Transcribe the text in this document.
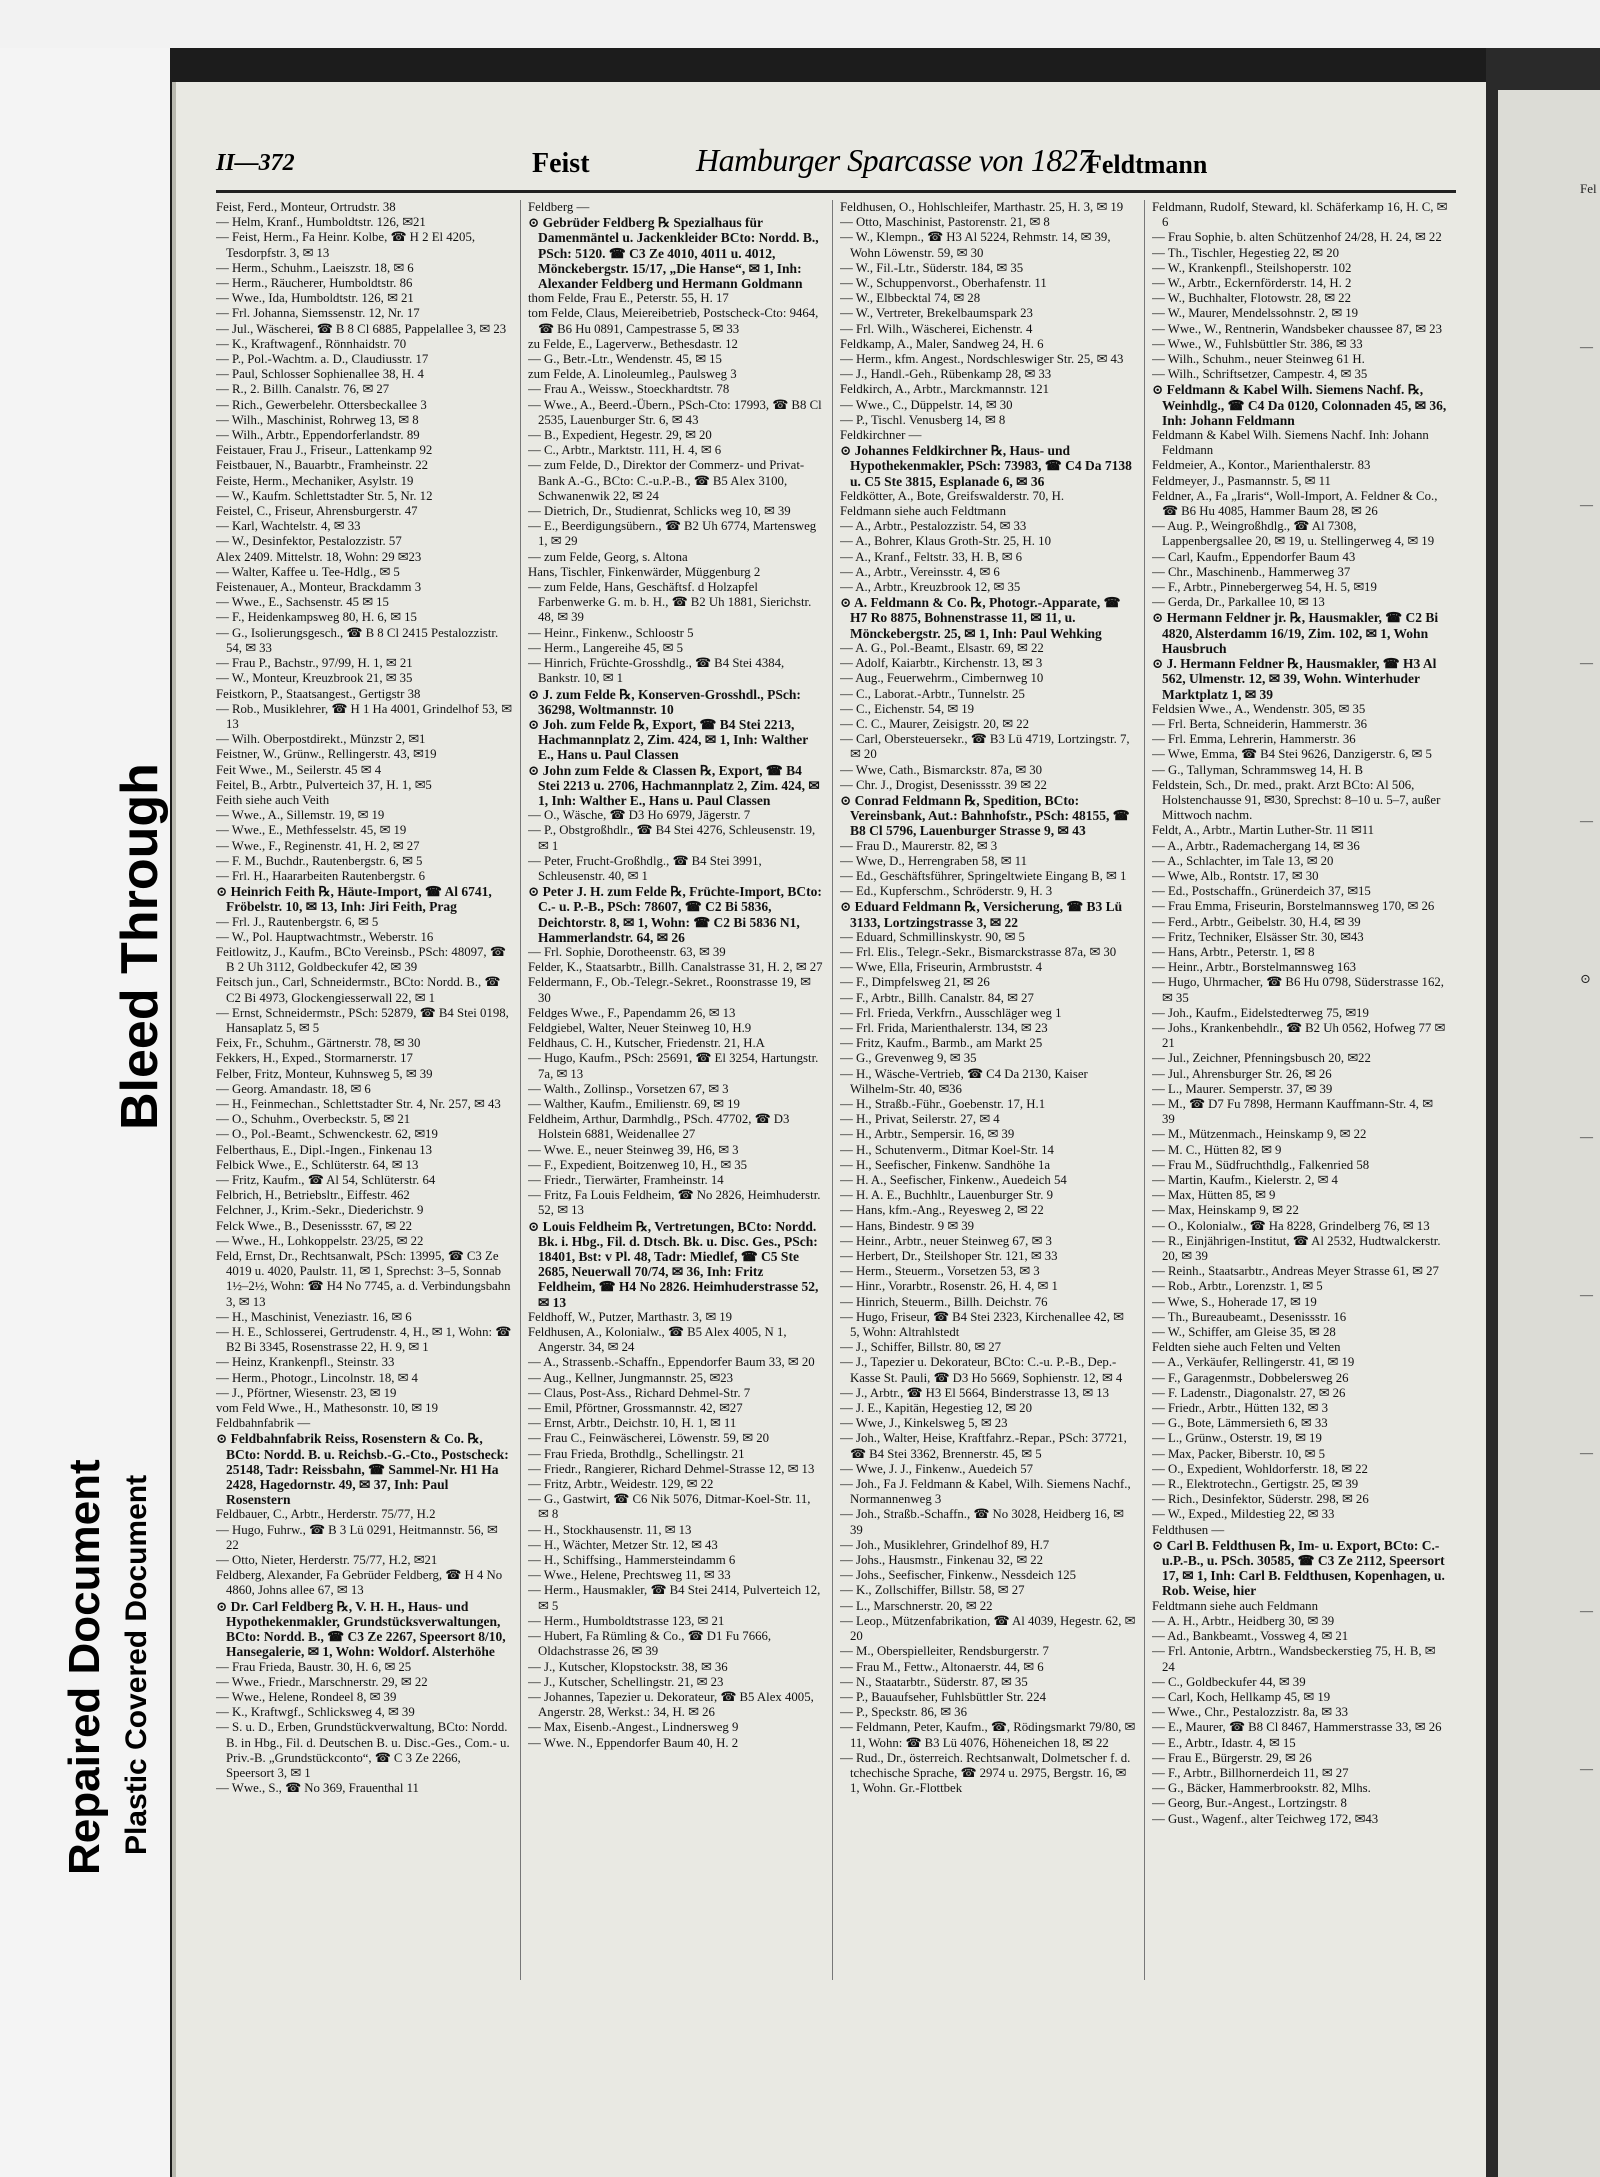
Bleed Through
Repaired Document Plastic Covered Document
II—372	Feist	Hamburger Sparcasse von 1827
Feldtmann

Feist, Ferd., Monteur, Ortrudstr. 38

— Helm, Kranf., Humboldtstr. 126, ✉21

— Feist, Herm., Fa Heinr. Kolbe, ☎ H 2 El 4205, Tesdorpfstr. 3, ✉ 13

— Herm., Schuhm., Laeiszstr. 18, ✉ 6

— Herm., Räucherer, Humboldtstr. 86

— Wwe., Ida, Humboldtstr. 126, ✉ 21

— Frl. Johanna, Siemssenstr. 12, Nr. 17

— Jul., Wäscherei, ☎ B 8 Cl 6885, Pappelallee 3, ✉ 23

— K., Kraftwagenf., Rönnhaidstr. 70

— P., Pol.-Wachtm. a. D., Claudiusstr. 17

— Paul, Schlosser Sophienallee 38, H. 4

— R., 2. Billh. Canalstr. 76, ✉ 27

— Rich., Gewerbelehr. Ottersbeckallee 3

— Wilh., Maschinist, Rohrweg 13, ✉ 8

— Wilh., Arbtr., Eppendorferlandstr. 89

Feistauer, Frau J., Friseur., Lattenkamp 92

Feistbauer, N., Bauarbtr., Framheinstr. 22

Feiste, Herm., Mechaniker, Asylstr. 19

— W., Kaufm. Schlettstadter Str. 5, Nr. 12

Feistel, C., Friseur, Ahrensburgerstr. 47

— Karl, Wachtelstr. 4, ✉ 33

— W., Desinfektor, Pestalozzistr. 57

Alex 2409. Mittelstr. 18, Wohn: 29 ✉23

— Walter, Kaffee u. Tee-Hdlg., ✉ 5

Feistenauer, A., Monteur, Brackdamm 3

— Wwe., E., Sachsenstr. 45 ✉ 15

— F., Heidenkampsweg 80, H. 6, ✉ 15

— G., Isolierungsgesch., ☎ B 8 Cl 2415 Pestalozzistr. 54, ✉ 33

— Frau P., Bachstr., 97/99, H. 1, ✉ 21

— W., Monteur, Kreuzbrook 21, ✉ 35

Feistkorn, P., Staatsangest., Gertigstr 38

— Rob., Musiklehrer, ☎ H 1 Ha 4001, Grindelhof 53, ✉ 13

— Wilh. Oberpostdirekt., Münzstr 2, ✉1

Feistner, W., Grünw., Rellingerstr. 43, ✉19

Feit Wwe., M., Seilerstr. 45 ✉ 4

Feitel, B., Arbtr., Pulverteich 37, H. 1, ✉5

Feith siehe auch Veith

— Wwe., A., Sillemstr. 19, ✉ 19

— Wwe., E., Methfesselstr. 45, ✉ 19

— Wwe., F., Reginenstr. 41, H. 2, ✉ 27

— F. M., Buchdr., Rautenbergstr. 6, ✉ 5

— Frl. H., Haararbeiten Rautenbergstr. 6

⊙ Heinrich Feith ℞, Häute-Import, ☎ Al 6741, Fröbelstr. 10, ✉ 13, Inh: Jiri Feith, Prag

— Frl. J., Rautenbergstr. 6, ✉ 5

— W., Pol. Hauptwachtmstr., Weberstr. 16

Feitlowitz, J., Kaufm., BCto Vereinsb., PSch: 48097, ☎ B 2 Uh 3112, Goldbeckufer 42, ✉ 39

Feitsch jun., Carl, Schneidermstr., BCto: Nordd. B., ☎ C2 Bi 4973, Glockengiesserwall 22, ✉ 1

— Ernst, Schneidermstr., PSch: 52879, ☎ B4 Stei 0198, Hansaplatz 5, ✉ 5

Feix, Fr., Schuhm., Gärtnerstr. 78, ✉ 30

Fekkers, H., Exped., Stormarnerstr. 17

Felber, Fritz, Monteur, Kuhnsweg 5, ✉ 39

— Georg. Amandastr. 18, ✉ 6

— H., Feinmechan., Schlettstadter Str. 4, Nr. 257, ✉ 43

— O., Schuhm., Overbeckstr. 5, ✉ 21

— O., Pol.-Beamt., Schwenckestr. 62, ✉19

Felberthaus, E., Dipl.-Ingen., Finkenau 13

Felbick Wwe., E., Schlüterstr. 64, ✉ 13

— Fritz, Kaufm., ☎ Al 54, Schlüterstr. 64

Felbrich, H., Betriebsltr., Eiffestr. 462

Felchner, J., Krim.-Sekr., Diederichstr. 9

Felck Wwe., B., Desenissstr. 67, ✉ 22

— Wwe., H., Lohkoppelstr. 23/25, ✉ 22

Feld, Ernst, Dr., Rechtsanwalt, PSch: 13995, ☎ C3 Ze 4019 u. 4020, Paulstr. 11, ✉ 1, Sprechst: 3–5, Sonnab 1½–2½, Wohn: ☎ H4 No 7745, a. d. Verbindungsbahn 3, ✉ 13

— H., Maschinist, Veneziastr. 16, ✉ 6

— H. E., Schlosserei, Gertrudenstr. 4, H., ✉ 1, Wohn: ☎ B2 Bi 3345, Rosenstrasse 22, H. 9, ✉ 1

— Heinz, Krankenpfl., Steinstr. 33

— Herm., Photogr., Lincolnstr. 18, ✉ 4

— J., Pförtner, Wiesenstr. 23, ✉ 19

vom Feld Wwe., H., Mathesonstr. 10, ✉ 19

Feldbahnfabrik —

⊙ Feldbahnfabrik Reiss, Rosenstern & Co. ℞, BCto: Nordd. B. u. Reichsb.-G.-Cto., Postscheck: 25148, Tadr: Reissbahn, ☎ Sammel-Nr. H1 Ha 2428, Hagedornstr. 49, ✉ 37, Inh: Paul Rosenstern

Feldbauer, C., Arbtr., Herderstr. 75/77, H.2

— Hugo, Fuhrw., ☎ B 3 Lü 0291, Heitmannstr. 56, ✉ 22

— Otto, Nieter, Herderstr. 75/77, H.2, ✉21

Feldberg, Alexander, Fa Gebrüder Feldberg, ☎ H 4 No 4860, Johns allee 67, ✉ 13

⊙ Dr. Carl Feldberg ℞, V. H. H., Haus- und Hypothekenmakler, Grundstücksverwaltungen, BCto: Nordd. B., ☎ C3 Ze 2267, Speersort 8/10, Hansegalerie, ✉ 1, Wohn: Woldorf. Alsterhöhe

— Frau Frieda, Baustr. 30, H. 6, ✉ 25

— Wwe., Friedr., Marschnerstr. 29, ✉ 22

— Wwe., Helene, Rondeel 8, ✉ 39

— K., Kraftwgf., Schlicksweg 4, ✉ 39

— S. u. D., Erben, Grundstückverwaltung, BCto: Nordd. B. in Hbg., Fil. d. Deutschen B. u. Disc.-Ges., Com.- u. Priv.-B. „Grundstückconto“, ☎ C 3 Ze 2266, Speersort 3, ✉ 1

— Wwe., S., ☎ No 369, Frauenthal 11

Feldberg —

⊙ Gebrüder Feldberg ℞ Spezialhaus für Damenmäntel u. Jackenkleider BCto: Nordd. B., PSch: 5120. ☎ C3 Ze 4010, 4011 u. 4012, Mönckebergstr. 15/17, „Die Hanse“, ✉ 1, Inh: Alexander Feldberg und Hermann Goldmann

thom Felde, Frau E., Peterstr. 55, H. 17

tom Felde, Claus, Meiereibetrieb, Postscheck-Cto: 9464, ☎ B6 Hu 0891, Campestrasse 5, ✉ 33

zu Felde, E., Lagerverw., Bethesdastr. 12

— G., Betr.-Ltr., Wendenstr. 45, ✉ 15

zum Felde, A. Linoleumleg., Paulsweg 3

— Frau A., Weissw., Stoeckhardtstr. 78

— Wwe., A., Beerd.-Übern., PSch-Cto: 17993, ☎ B8 Cl 2535, Lauenburger Str. 6, ✉ 43

— B., Expedient, Hegestr. 29, ✉ 20

— C., Arbtr., Marktstr. 111, H. 4, ✉ 6

— zum Felde, D., Direktor der Commerz- und Privat-Bank A.-G., BCto: C.-u.P.-B., ☎ B5 Alex 3100, Schwanenwik 22, ✉ 24

— Dietrich, Dr., Studienrat, Schlicks weg 10, ✉ 39

— E., Beerdigungsübern., ☎ B2 Uh 6774, Martensweg 1, ✉ 29

— zum Felde, Georg, s. Altona

Hans, Tischler, Finkenwärder, Müggenburg 2

— zum Felde, Hans, Geschäftsf. d Holzapfel Farbenwerke G. m. b. H., ☎ B2 Uh 1881, Sierichstr. 48, ✉ 39

— Heinr., Finkenw., Schloostr 5

— Herm., Langereihe 45, ✉ 5

— Hinrich, Früchte-Grosshdlg., ☎ B4 Stei 4384, Bankstr. 10, ✉ 1

⊙ J. zum Felde ℞, Konserven-Grosshdl., PSch: 36298, Woltmannstr. 10

⊙ Joh. zum Felde ℞, Export, ☎ B4 Stei 2213, Hachmannplatz 2, Zim. 424, ✉ 1, Inh: Walther E., Hans u. Paul Classen

⊙ John zum Felde & Classen ℞, Export, ☎ B4 Stei 2213 u. 2706, Hachmannplatz 2, Zim. 424, ✉ 1, Inh: Walther E., Hans u. Paul Classen

— O., Wäsche, ☎ D3 Ho 6979, Jägerstr. 7

— P., Obstgroßhdlr., ☎ B4 Stei 4276, Schleusenstr. 19, ✉ 1

— Peter, Frucht-Großhdlg., ☎ B4 Stei 3991, Schleusenstr. 40, ✉ 1

⊙ Peter J. H. zum Felde ℞, Früchte-Import, BCto: C.- u. P.-B., PSch: 78607, ☎ C2 Bi 5836, Deichtorstr. 8, ✉ 1, Wohn: ☎ C2 Bi 5836 N1, Hammerlandstr. 64, ✉ 26

— Frl. Sophie, Dorotheenstr. 63, ✉ 39

Felder, K., Staatsarbtr., Billh. Canalstrasse 31, H. 2, ✉ 27

Feldermann, F., Ob.-Telegr.-Sekret., Roonstrasse 19, ✉ 30

Feldges Wwe., F., Papendamm 26, ✉ 13

Feldgiebel, Walter, Neuer Steinweg 10, H.9

Feldhaus, C. H., Kutscher, Friedenstr. 21, H.A

— Hugo, Kaufm., PSch: 25691, ☎ El 3254, Hartungstr. 7a, ✉ 13

— Walth., Zollinsp., Vorsetzen 67, ✉ 3

— Walther, Kaufm., Emilienstr. 69, ✉ 19

Feldheim, Arthur, Darmhdlg., PSch. 47702, ☎ D3 Holstein 6881, Weidenallee 27

— Wwe. E., neuer Steinweg 39, H6, ✉ 3

— F., Expedient, Boitzenweg 10, H., ✉ 35

— Friedr., Tierwärter, Framheinstr. 14

— Fritz, Fa Louis Feldheim, ☎ No 2826, Heimhuderstr. 52, ✉ 13

⊙ Louis Feldheim ℞, Vertretungen, BCto: Nordd. Bk. i. Hbg., Fil. d. Dtsch. Bk. u. Disc. Ges., PSch: 18401, Bst: v Pl. 48, Tadr: Miedlef, ☎ C5 Ste 2685, Neuerwall 70/74, ✉ 36, Inh: Fritz Feldheim, ☎ H4 No 2826. Heimhuderstrasse 52, ✉ 13

Feldhoff, W., Putzer, Marthastr. 3, ✉ 19

Feldhusen, A., Kolonialw., ☎ B5 Alex 4005, N 1, Angerstr. 34, ✉ 24

— A., Strassenb.-Schaffn., Eppendorfer Baum 33, ✉ 20

— Aug., Kellner, Jungmannstr. 25, ✉23

— Claus, Post-Ass., Richard Dehmel-Str. 7

— Emil, Pförtner, Grossmannstr. 42, ✉27

— Ernst, Arbtr., Deichstr. 10, H. 1, ✉ 11

— Frau C., Feinwäscherei, Löwenstr. 59, ✉ 20

— Frau Frieda, Brothdlg., Schellingstr. 21

— Friedr., Rangierer, Richard Dehmel-Strasse 12, ✉ 13

— Fritz, Arbtr., Weidestr. 129, ✉ 22

— G., Gastwirt, ☎ C6 Nik 5076, Ditmar-Koel-Str. 11, ✉ 8

— H., Stockhausenstr. 11, ✉ 13

— H., Wächter, Metzer Str. 12, ✉ 43

— H., Schiffsing., Hammersteindamm 6

— Wwe., Helene, Prechtsweg 11, ✉ 33

— Herm., Hausmakler, ☎ B4 Stei 2414, Pulverteich 12, ✉ 5

— Herm., Humboldtstrasse 123, ✉ 21

— Hubert, Fa Rümling & Co., ☎ D1 Fu 7666, Oldachstrasse 26, ✉ 39

— J., Kutscher, Klopstockstr. 38, ✉ 36

— J., Kutscher, Schellingstr. 21, ✉ 23

— Johannes, Tapezier u. Dekorateur, ☎ B5 Alex 4005, Angerstr. 28, Werkst.: 34, H. ✉ 26

— Max, Eisenb.-Angest., Lindnersweg 9

— Wwe. N., Eppendorfer Baum 40, H. 2

Feldhusen, O., Hohlschleifer, Marthastr. 25, H. 3, ✉ 19

— Otto, Maschinist, Pastorenstr. 21, ✉ 8

— W., Klempn., ☎ H3 Al 5224, Rehmstr. 14, ✉ 39, Wohn Löwenstr. 59, ✉ 30

— W., Fil.-Ltr., Süderstr. 184, ✉ 35

— W., Schuppenvorst., Oberhafenstr. 11

— W., Elbbecktal 74, ✉ 28

— W., Vertreter, Brekelbaumspark 23

— Frl. Wilh., Wäscherei, Eichenstr. 4

Feldkamp, A., Maler, Sandweg 24, H. 6

— Herm., kfm. Angest., Nordschleswiger Str. 25, ✉ 43

— J., Handl.-Geh., Rübenkamp 28, ✉ 33

Feldkirch, A., Arbtr., Marckmannstr. 121

— Wwe., C., Düppelstr. 14, ✉ 30

— P., Tischl. Venusberg 14, ✉ 8

Feldkirchner —

⊙ Johannes Feldkirchner ℞, Haus- und Hypothekenmakler, PSch: 73983, ☎ C4 Da 7138 u. C5 Ste 3815, Esplanade 6, ✉ 36

Feldkötter, A., Bote, Greifswalderstr. 70, H.

Feldmann siehe auch Feldtmann

— A., Arbtr., Pestalozzistr. 54, ✉ 33

— A., Bohrer, Klaus Groth-Str. 25, H. 10

— A., Kranf., Feltstr. 33, H. B, ✉ 6

— A., Arbtr., Vereinsstr. 4, ✉ 6

— A., Arbtr., Kreuzbrook 12, ✉ 35

⊙ A. Feldmann & Co. ℞, Photogr.-Apparate, ☎ H7 Ro 8875, Bohnenstrasse 11, ✉ 11, u. Mönckebergstr. 25, ✉ 1, Inh: Paul Wehking

— A. G., Pol.-Beamt., Elsastr. 69, ✉ 22

— Adolf, Kaiarbtr., Kirchenstr. 13, ✉ 3

— Aug., Feuerwehrm., Cimbernweg 10

— C., Laborat.-Arbtr., Tunnelstr. 25

— C., Eichenstr. 54, ✉ 19

— C. C., Maurer, Zeisigstr. 20, ✉ 22

— Carl, Obersteuersekr., ☎ B3 Lü 4719, Lortzingstr. 7, ✉ 20

— Wwe, Cath., Bismarckstr. 87a, ✉ 30

— Chr. J., Drogist, Desenissstr. 39 ✉ 22

⊙ Conrad Feldmann ℞, Spedition, BCto: Vereinsbank, Aut.: Bahnhofstr., PSch: 48155, ☎ B8 Cl 5796, Lauenburger Strasse 9, ✉ 43

— Frau D., Maurerstr. 82, ✉ 3

— Wwe, D., Herrengraben 58, ✉ 11

— Ed., Geschäftsführer, Springeltwiete Eingang B, ✉ 1

— Ed., Kupferschm., Schröderstr. 9, H. 3

⊙ Eduard Feldmann ℞, Versicherung, ☎ B3 Lü 3133, Lortzingstrasse 3, ✉ 22

— Eduard, Schmillinskystr. 90, ✉ 5

— Frl. Elis., Telegr.-Sekr., Bismarckstrasse 87a, ✉ 30

— Wwe, Ella, Friseurin, Armbruststr. 4

— F., Dimpfelsweg 21, ✉ 26

— F., Arbtr., Billh. Canalstr. 84, ✉ 27

— Frl. Frieda, Verkfrn., Ausschläger weg 1

— Frl. Frida, Marienthalerstr. 134, ✉ 23

— Fritz, Kaufm., Barmb., am Markt 25

— G., Grevenweg 9, ✉ 35

— H., Wäsche-Vertrieb, ☎ C4 Da 2130, Kaiser Wilhelm-Str. 40, ✉36

— H., Straßb.-Führ., Goebenstr. 17, H.1

— H., Privat, Seilerstr. 27, ✉ 4

— H., Arbtr., Sempersir. 16, ✉ 39

— H., Schutenverm., Ditmar Koel-Str. 14

— H., Seefischer, Finkenw. Sandhöhe 1a

— H. A., Seefischer, Finkenw., Auedeich 54

— H. A. E., Buchhltr., Lauenburger Str. 9

— Hans, kfm.-Ang., Reyesweg 2, ✉ 22

— Hans, Bindestr. 9 ✉ 39

— Heinr., Arbtr., neuer Steinweg 67, ✉ 3

— Herbert, Dr., Steilshoper Str. 121, ✉ 33

— Herm., Steuerm., Vorsetzen 53, ✉ 3

— Hinr., Vorarbtr., Rosenstr. 26, H. 4, ✉ 1

— Hinrich, Steuerm., Billh. Deichstr. 76

— Hugo, Friseur, ☎ B4 Stei 2323, Kirchenallee 42, ✉ 5, Wohn: Altrahlstedt

— J., Schiffer, Billstr. 80, ✉ 27

— J., Tapezier u. Dekorateur, BCto: C.-u. P.-B., Dep.-Kasse St. Pauli, ☎ D3 Ho 5669, Sophienstr. 12, ✉ 4

— J., Arbtr., ☎ H3 El 5664, Binderstrasse 13, ✉ 13

— J. E., Kapitän, Hegestieg 12, ✉ 20

— Wwe, J., Kinkelsweg 5, ✉ 23

— Joh., Walter, Heise, Kraftfahrz.-Repar., PSch: 37721, ☎ B4 Stei 3362, Brennerstr. 45, ✉ 5

— Wwe, J. J., Finkenw., Auedeich 57

— Joh., Fa J. Feldmann & Kabel, Wilh. Siemens Nachf., Normannenweg 3

— Joh., Straßb.-Schaffn., ☎ No 3028, Heidberg 16, ✉ 39

— Joh., Musiklehrer, Grindelhof 89, H.7

— Johs., Hausmstr., Finkenau 32, ✉ 22

— Johs., Seefischer, Finkenw., Nessdeich 125

— K., Zollschiffer, Billstr. 58, ✉ 27

— L., Marschnerstr. 20, ✉ 22

— Leop., Mützenfabrikation, ☎ Al 4039, Hegestr. 62, ✉ 20

— M., Oberspielleiter, Rendsburgerstr. 7

— Frau M., Fettw., Altonaerstr. 44, ✉ 6

— N., Staatarbtr., Süderstr. 87, ✉ 35

— P., Bauaufseher, Fuhlsbüttler Str. 224

— P., Speckstr. 86, ✉ 36

— Feldmann, Peter, Kaufm., ☎, Rödingsmarkt 79/80, ✉ 11, Wohn: ☎ B3 Lü 4076, Höheneichen 18, ✉ 22

— Rud., Dr., österreich. Rechtsanwalt, Dolmetscher f. d. tchechische Sprache, ☎ 2974 u. 2975, Bergstr. 16, ✉ 1, Wohn. Gr.-Flottbek

Feldmann, Rudolf, Steward, kl. Schäferkamp 16, H. C, ✉ 6

— Frau Sophie, b. alten Schützenhof 24/28, H. 24, ✉ 22

— Th., Tischler, Hegestieg 22, ✉ 20

— W., Krankenpfl., Steilshoperstr. 102

— W., Arbtr., Eckernförderstr. 14, H. 2

— W., Buchhalter, Flotowstr. 28, ✉ 22

— W., Maurer, Mendelssohnstr. 2, ✉ 19

— Wwe., W., Rentnerin, Wandsbeker chaussee 87, ✉ 23

— Wwe., W., Fuhlsbüttler Str. 386, ✉ 33

— Wilh., Schuhm., neuer Steinweg 61 H.

— Wilh., Schriftsetzer, Campestr. 4, ✉ 35

⊙ Feldmann & Kabel Wilh. Siemens Nachf. ℞, Weinhdlg., ☎ C4 Da 0120, Colonnaden 45, ✉ 36, Inh: Johann Feldmann

Feldmann & Kabel Wilh. Siemens Nachf. Inh: Johann Feldmann

Feldmeier, A., Kontor., Marienthalerstr. 83

Feldmeyer, J., Pasmannstr. 5, ✉ 11

Feldner, A., Fa „Iraris“, Woll-Import, A. Feldner & Co., ☎ B6 Hu 4085, Hammer Baum 28, ✉ 26

— Aug. P., Weingroßhdlg., ☎ Al 7308, Lappenbergsallee 20, ✉ 19, u. Stellingerweg 4, ✉ 19

— Carl, Kaufm., Eppendorfer Baum 43

— Chr., Maschinenb., Hammerweg 37

— F., Arbtr., Pinnebergerweg 54, H. 5, ✉19

— Gerda, Dr., Parkallee 10, ✉ 13

⊙ Hermann Feldner jr. ℞, Hausmakler, ☎ C2 Bi 4820, Alsterdamm 16/19, Zim. 102, ✉ 1, Wohn Hausbruch

⊙ J. Hermann Feldner ℞, Hausmakler, ☎ H3 Al 562, Ulmenstr. 12, ✉ 39, Wohn. Winterhuder Marktplatz 1, ✉ 39

Feldsien Wwe., A., Wendenstr. 305, ✉ 35

— Frl. Berta, Schneiderin, Hammerstr. 36

— Frl. Emma, Lehrerin, Hammerstr. 36

— Wwe, Emma, ☎ B4 Stei 9626, Danzigerstr. 6, ✉ 5

— G., Tallyman, Schrammsweg 14, H. B

Feldstein, Sch., Dr. med., prakt. Arzt BCto: Al 506, Holstenchausse 91, ✉30, Sprechst: 8–10 u. 5–7, außer Mittwoch nachm.

Feldt, A., Arbtr., Martin Luther-Str. 11 ✉11

— A., Arbtr., Rademachergang 14, ✉ 36

— A., Schlachter, im Tale 13, ✉ 20

— Wwe, Alb., Rontstr. 17, ✉ 30

— Ed., Postschaffn., Grünerdeich 37, ✉15

— Frau Emma, Friseurin, Borstelmannsweg 170, ✉ 26

— Ferd., Arbtr., Geibelstr. 30, H.4, ✉ 39

— Fritz, Techniker, Elsässer Str. 30, ✉43

— Hans, Arbtr., Peterstr. 1, ✉ 8

— Heinr., Arbtr., Borstelmannsweg 163

— Hugo, Uhrmacher, ☎ B6 Hu 0798, Süderstrasse 162, ✉ 35

— Joh., Kaufm., Eidelstedterweg 75, ✉19

— Johs., Krankenbehdlr., ☎ B2 Uh 0562, Hofweg 77 ✉ 21

— Jul., Zeichner, Pfenningsbusch 20, ✉22

— Jul., Ahrensburger Str. 26, ✉ 26

— L., Maurer. Semperstr. 37, ✉ 39

— M., ☎ D7 Fu 7898, Hermann Kauffmann-Str. 4, ✉ 39

— M., Mützenmach., Heinskamp 9, ✉ 22

— M. C., Hütten 82, ✉ 9

— Frau M., Südfruchthdlg., Falkenried 58

— Martin, Kaufm., Kielerstr. 2, ✉ 4

— Max, Hütten 85, ✉ 9

— Max, Heinskamp 9, ✉ 22

— O., Kolonialw., ☎ Ha 8228, Grindelberg 76, ✉ 13

— R., Einjährigen-Institut, ☎ Al 2532, Hudtwalckerstr. 20, ✉ 39

— Reinh., Staatsarbtr., Andreas Meyer Strasse 61, ✉ 27

— Rob., Arbtr., Lorenzstr. 1, ✉ 5

— Wwe, S., Hoherade 17, ✉ 19

— Th., Bureaubeamt., Desenissstr. 16

— W., Schiffer, am Gleise 35, ✉ 28

Feldten siehe auch Felten und Velten

— A., Verkäufer, Rellingerstr. 41, ✉ 19

— F., Garagenmstr., Dobbelersweg 26

— F. Ladenstr., Diagonalstr. 27, ✉ 26

— Friedr., Arbtr., Hütten 132, ✉ 3

— G., Bote, Lämmersieth 6, ✉ 33

— L., Grünw., Osterstr. 19, ✉ 19

— Max, Packer, Biberstr. 10, ✉ 5

— O., Expedient, Wohldorferstr. 18, ✉ 22

— R., Elektrotechn., Gertigstr. 25, ✉ 39

— Rich., Desinfektor, Süderstr. 298, ✉ 26

— W., Exped., Mildestieg 22, ✉ 33

Feldthusen —

⊙ Carl B. Feldthusen ℞, Im- u. Export, BCto: C.-u.P.-B., u. PSch. 30585, ☎ C3 Ze 2112, Speersort 17, ✉ 1, Inh: Carl B. Feldthusen, Kopenhagen, u. Rob. Weise, hier

Feldtmann siehe auch Feldmann

— A. H., Arbtr., Heidberg 30, ✉ 39

— Ad., Bankbeamt., Vossweg 4, ✉ 21

— Frl. Antonie, Arbtrn., Wandsbeckerstieg 75, H. B, ✉ 24

— C., Goldbeckufer 44, ✉ 39

— Carl, Koch, Hellkamp 45, ✉ 19

— Wwe., Chr., Pestalozzistr. 8a, ✉ 33

— E., Maurer, ☎ B8 Cl 8467, Hammerstrasse 33, ✉ 26

— E., Arbtr., Idastr. 4, ✉ 15

— Frau E., Bürgerstr. 29, ✉ 26

— F., Arbtr., Billhornerdeich 11, ✉ 27

— G., Bäcker, Hammerbrookstr. 82, Mlhs.

— Georg, Bur.-Angest., Lortzingstr. 8

— Gust., Wagenf., alter Teichweg 172, ✉43

Fel
—
—
—
—
⊙
—
—
—
—
—
